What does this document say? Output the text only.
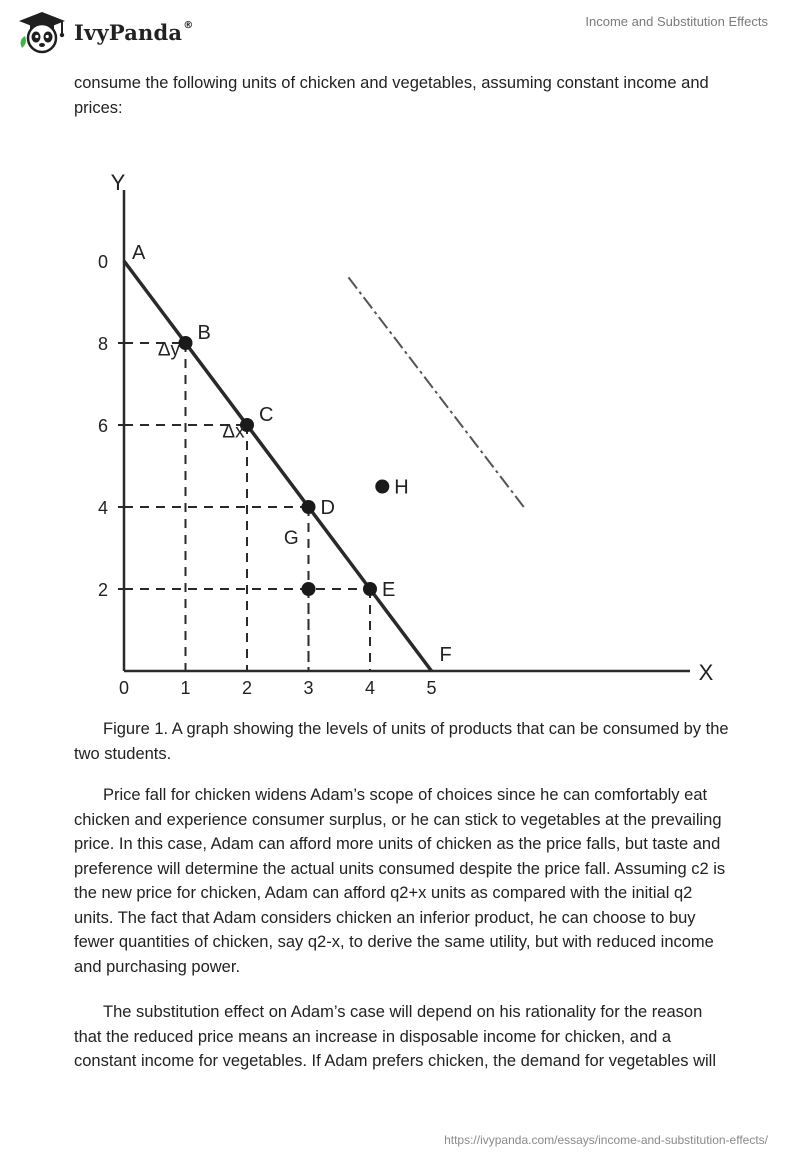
IvyPanda®	Income and Substitution Effects

consume the following units of chicken and vegetables, assuming constant income and prices:

Y
X
2
4
6
8
0
0	1	2	3	4	5
A
B
C
D
E
F
H
Δy
Δx
G

Figure 1. A graph showing the levels of units of products that can be consumed by the two students.

Price fall for chicken widens Adam’s scope of choices since he can comfortably eat chicken and experience consumer surplus, or he can stick to vegetables at the prevailing price. In this case, Adam can afford more units of chicken as the price falls, but taste and preference will determine the actual units consumed despite the price fall. Assuming c2 is the new price for chicken, Adam can afford q2+x units as compared with the initial q2 units. The fact that Adam considers chicken an inferior product, he can choose to buy fewer quantities of chicken, say q2-x, to derive the same utility, but with reduced income and purchasing power.

The substitution effect on Adam’s case will depend on his rationality for the reason that the reduced price means an increase in disposable income for chicken, and a constant income for vegetables. If Adam prefers chicken, the demand for vegetables will

https://ivypanda.com/essays/income-and-substitution-effects/
